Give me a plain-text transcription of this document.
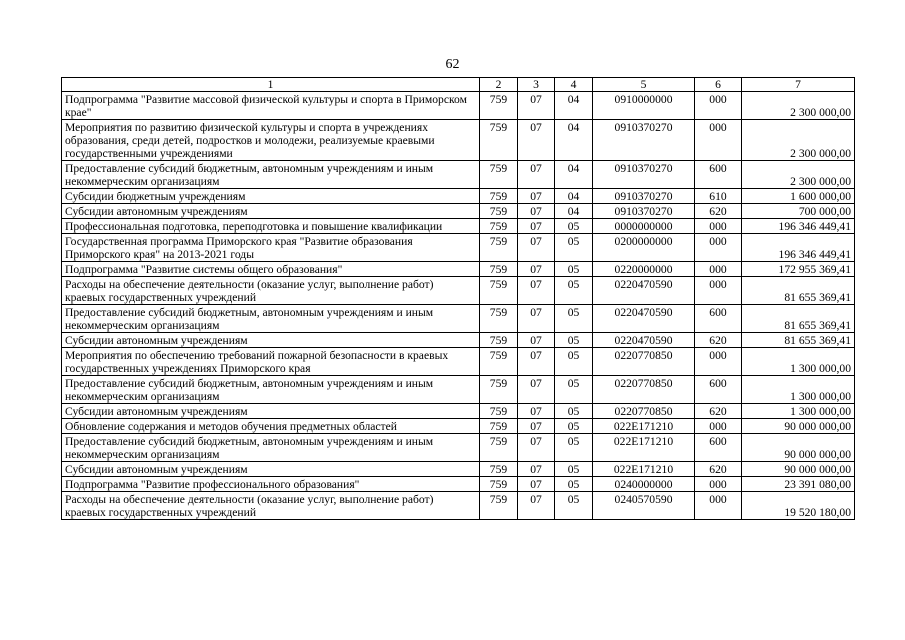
62
1	2	3	4	5	6	7
Подпрограмма "Развитие массовой физической культуры и спорта в Приморском крае"	759	07	04	0910000000	000	2 300 000,00
Мероприятия по развитию физической культуры и спорта в учреждениях образования, среди детей, подростков и молодежи, реализуемые краевыми государственными учреждениями	759	07	04	0910370270	000	2 300 000,00
Предоставление субсидий бюджетным, автономным учреждениям и иным некоммерческим организациям	759	07	04	0910370270	600	2 300 000,00
Субсидии бюджетным учреждениям	759	07	04	0910370270	610	1 600 000,00
Субсидии автономным учреждениям	759	07	04	0910370270	620	700 000,00
Профессиональная подготовка, переподготовка и повышение квалификации	759	07	05	0000000000	000	196 346 449,41
Государственная программа Приморского края "Развитие образования Приморского края" на 2013-2021 годы	759	07	05	0200000000	000	196 346 449,41
Подпрограмма "Развитие системы общего образования"	759	07	05	0220000000	000	172 955 369,41
Расходы на обеспечение деятельности (оказание услуг, выполнение работ) краевых государственных учреждений	759	07	05	0220470590	000	81 655 369,41
Предоставление субсидий бюджетным, автономным учреждениям и иным некоммерческим организациям	759	07	05	0220470590	600	81 655 369,41
Субсидии автономным учреждениям	759	07	05	0220470590	620	81 655 369,41
Мероприятия по обеспечению требований пожарной безопасности в краевых государственных учреждениях Приморского края	759	07	05	0220770850	000	1 300 000,00
Предоставление субсидий бюджетным, автономным учреждениям и иным некоммерческим организациям	759	07	05	0220770850	600	1 300 000,00
Субсидии автономным учреждениям	759	07	05	0220770850	620	1 300 000,00
Обновление содержания и методов обучения предметных областей	759	07	05	022E171210	000	90 000 000,00
Предоставление субсидий бюджетным, автономным учреждениям и иным некоммерческим организациям	759	07	05	022E171210	600	90 000 000,00
Субсидии автономным учреждениям	759	07	05	022E171210	620	90 000 000,00
Подпрограмма "Развитие профессионального образования"	759	07	05	0240000000	000	23 391 080,00
Расходы на обеспечение деятельности (оказание услуг, выполнение работ) краевых государственных учреждений	759	07	05	0240570590	000	19 520 180,00
